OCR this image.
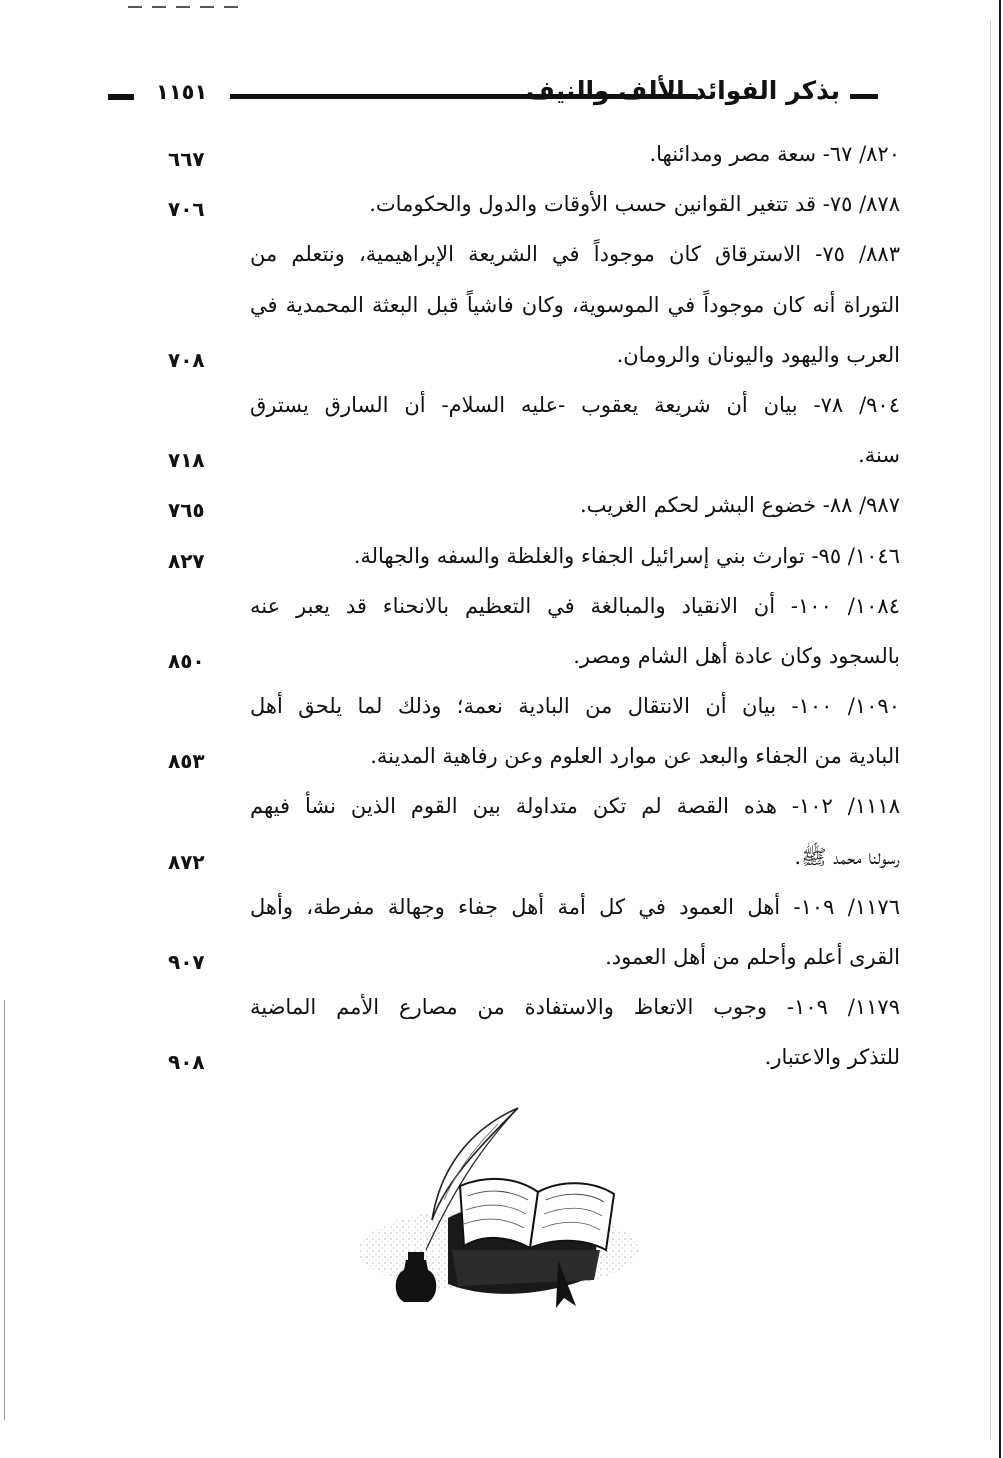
١١٥١	بذكر الفوائد الألف والنيف
٨٢٠/ ٦٧- سعة مصر ومدائنها.
٦٦٧
٨٧٨/ ٧٥- قد تتغير القوانين حسب الأوقات والدول والحكومات.
٧٠٦
٨٨٣/ ٧٥- الاسترقاق كان موجوداً في الشريعة الإبراهيمية، ونتعلم من
التوراة أنه كان موجوداً في الموسوية، وكان فاشياً قبل البعثة المحمدية في
العرب واليهود واليونان والرومان.
٧٠٨
٩٠٤/ ٧٨- بيان أن شريعة يعقوب -عليه السلام- أن السارق يسترق
سنة.
٧١٨
٩٨٧/ ٨٨- خضوع البشر لحكم الغريب.
٧٦٥
١٠٤٦/ ٩٥- توارث بني إسرائيل الجفاء والغلظة والسفه والجهالة.
٨٢٧
١٠٨٤/ ١٠٠- أن الانقياد والمبالغة في التعظيم بالانحناء قد يعبر عنه
بالسجود وكان عادة أهل الشام ومصر.
٨٥٠
١٠٩٠/ ١٠٠- بيان أن الانتقال من البادية نعمة؛ وذلك لما يلحق أهل
البادية من الجفاء والبعد عن موارد العلوم وعن رفاهية المدينة.
٨٥٣
١١١٨/ ١٠٢- هذه القصة لم تكن متداولة بين القوم الذين نشأ فيهم
رسولنا محمد ﷺ.
٨٧٢
١١٧٦/ ١٠٩- أهل العمود في كل أمة أهل جفاء وجهالة مفرطة، وأهل
القرى أعلم وأحلم من أهل العمود.
٩٠٧
١١٧٩/ ١٠٩- وجوب الاتعاظ والاستفادة من مصارع الأمم الماضية
للتذكر والاعتبار.
٩٠٨
